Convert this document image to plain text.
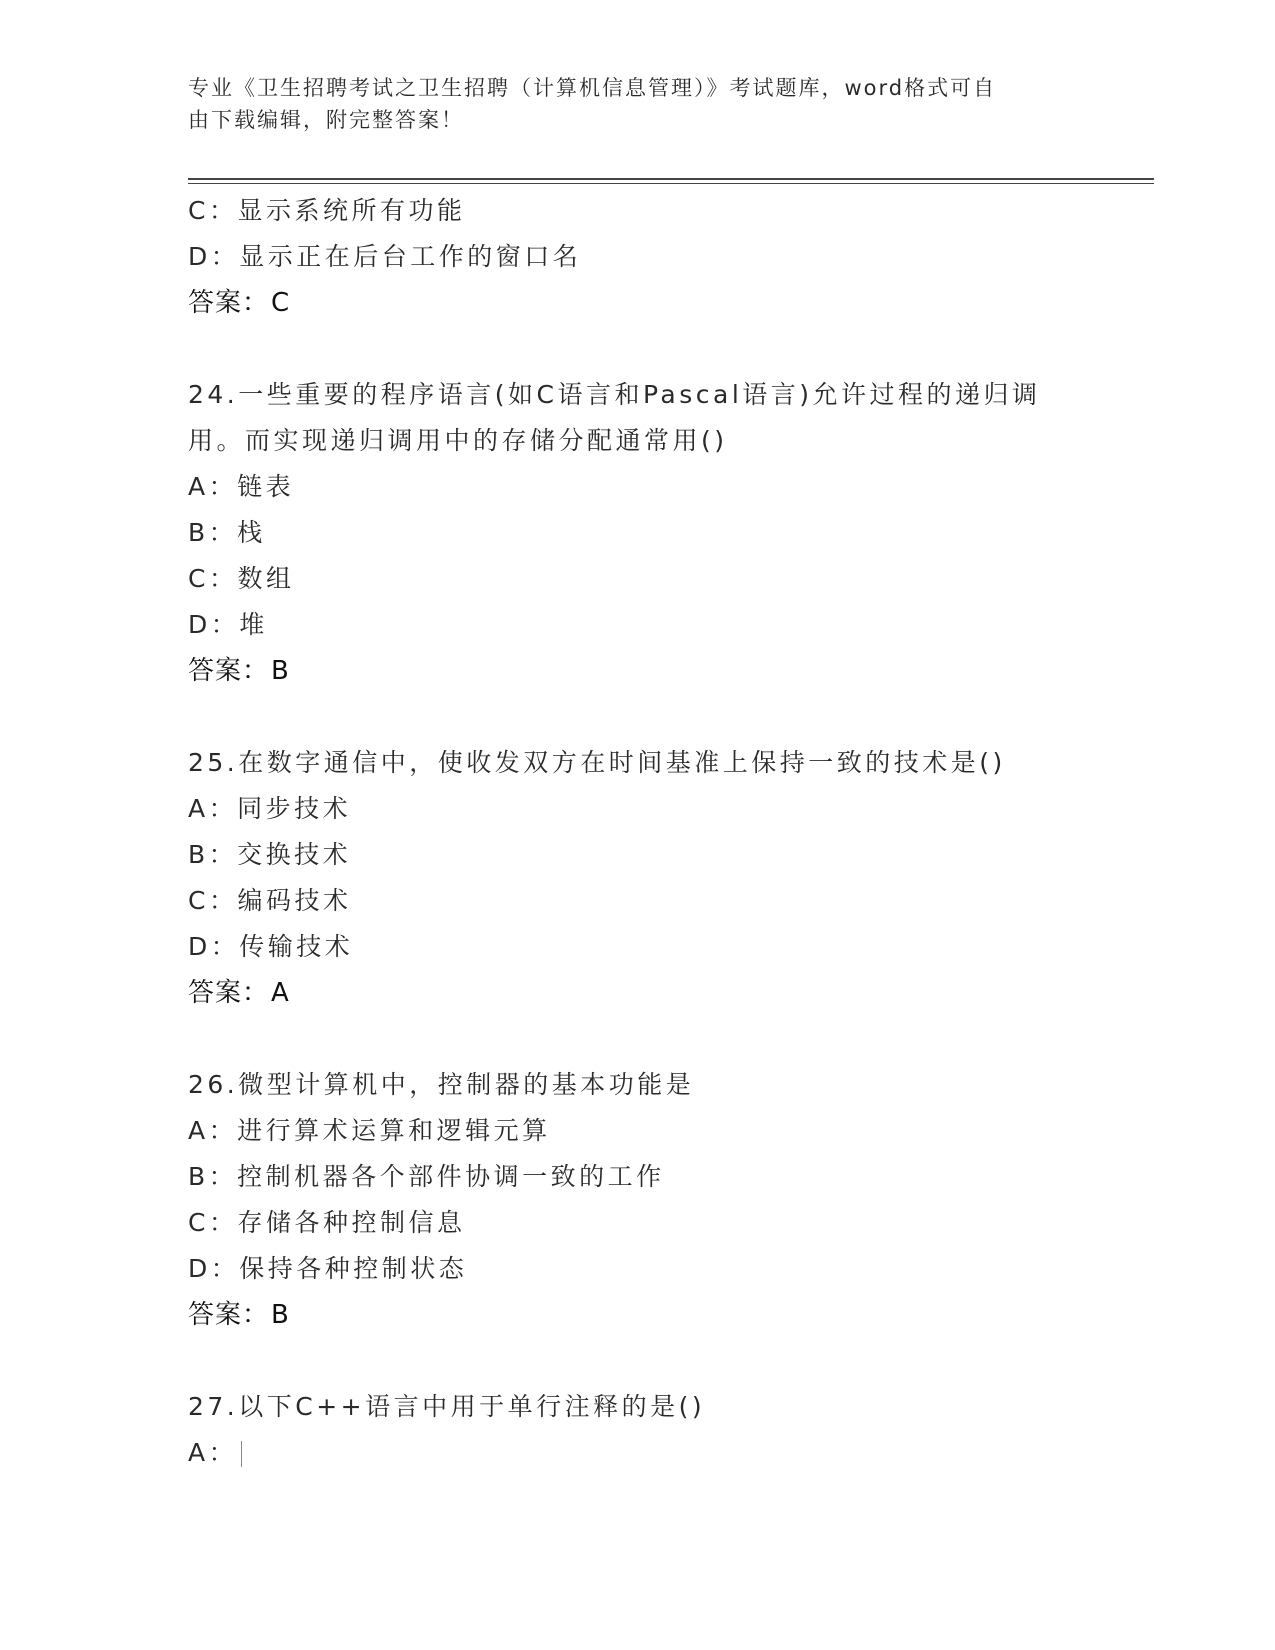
专业《卫生招聘考试之卫生招聘（计算机信息管理）》考试题库，word格式可自
由下载编辑，附完整答案！
C：显示系统所有功能
D：显示正在后台工作的窗口名
答案：C
24.一些重要的程序语言(如C语言和Pascal语言)允许过程的递归调
用。而实现递归调用中的存储分配通常用()
A：链表
B：栈
C：数组
D：堆
答案：B
25.在数字通信中，使收发双方在时间基准上保持一致的技术是()
A：同步技术
B：交换技术
C：编码技术
D：传输技术
答案：A
26.微型计算机中，控制器的基本功能是
A：进行算术运算和逻辑元算
B：控制机器各个部件协调一致的工作
C：存储各种控制信息
D：保持各种控制状态
答案：B
27.以下C++语言中用于单行注释的是()
A：
